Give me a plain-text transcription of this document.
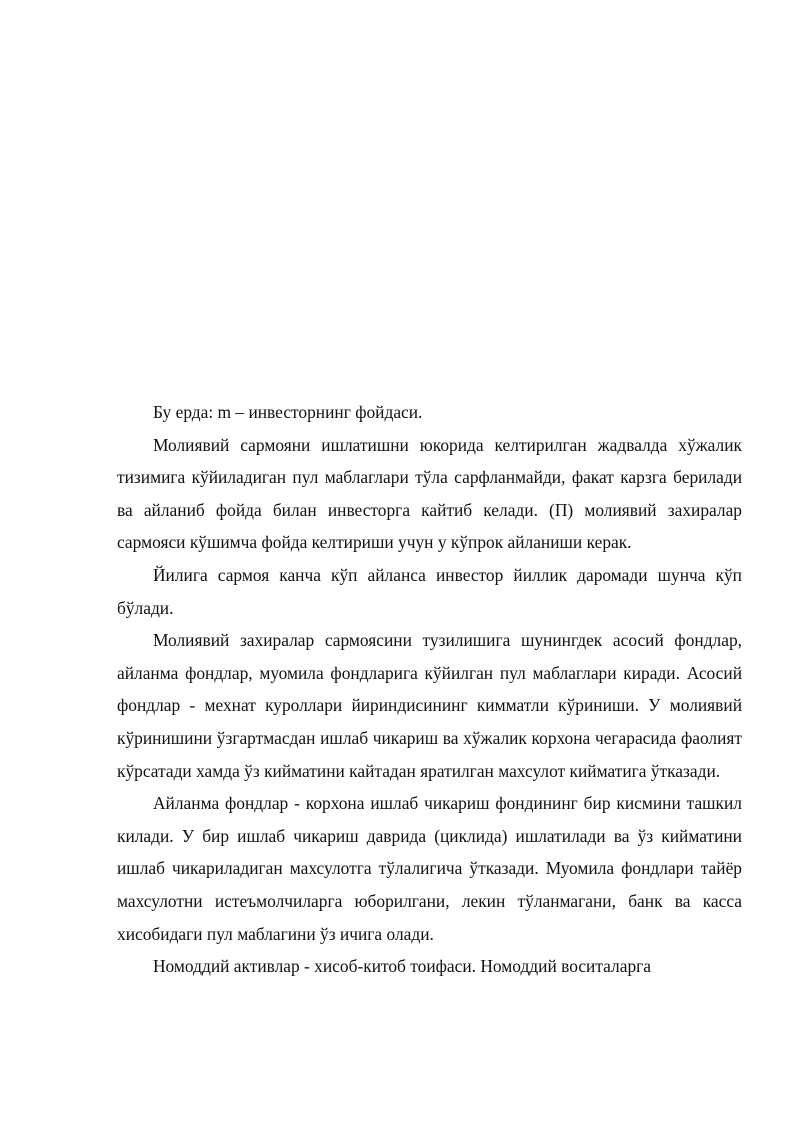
Бу ерда: m – инвесторнинг фойдаси.

Молиявий сармояни ишлатишни юкорида келтирилган жадвалда хўжалик тизимига кўйиладиган пул маблаглари тўла сарфланмайди, факат карзга берилади ва айланиб фойда билан инвесторга кайтиб келади. (П) молиявий захиралар сармояси кўшимча фойда келтириши учун у кўпрок айланиши керак.

Йилига сармоя канча кўп айланса инвестор йиллик даромади шунча кўп бўлади.

Молиявий захиралар сармоясини тузилишига шунингдек асосий фондлар, айланма фондлар, муомила фондларига кўйилган пул маблаглари киради. Асосий фондлар - мехнат куроллари йириндисининг кимматли кўриниши. У молиявий кўринишини ўзгартмасдан ишлаб чикариш ва хўжалик корхона чегарасида фаолият кўрсатади хамда ўз кийматини кайтадан яратилган махсулот кийматига ўтказади.

Айланма фондлар - корхона ишлаб чикариш фондининг бир кисмини ташкил килади. У бир ишлаб чикариш даврида (циклида) ишлатилади ва ўз кийматини ишлаб чикариладиган махсулотга тўлалигича ўтказади. Муомила фондлари тайёр махсулотни истеъмолчиларга юборилгани, лекин тўланмагани, банк ва касса хисобидаги пул маблагини ўз ичига олади.

Номоддий активлар - хисоб-китоб тоифаси. Номоддий воситаларга
